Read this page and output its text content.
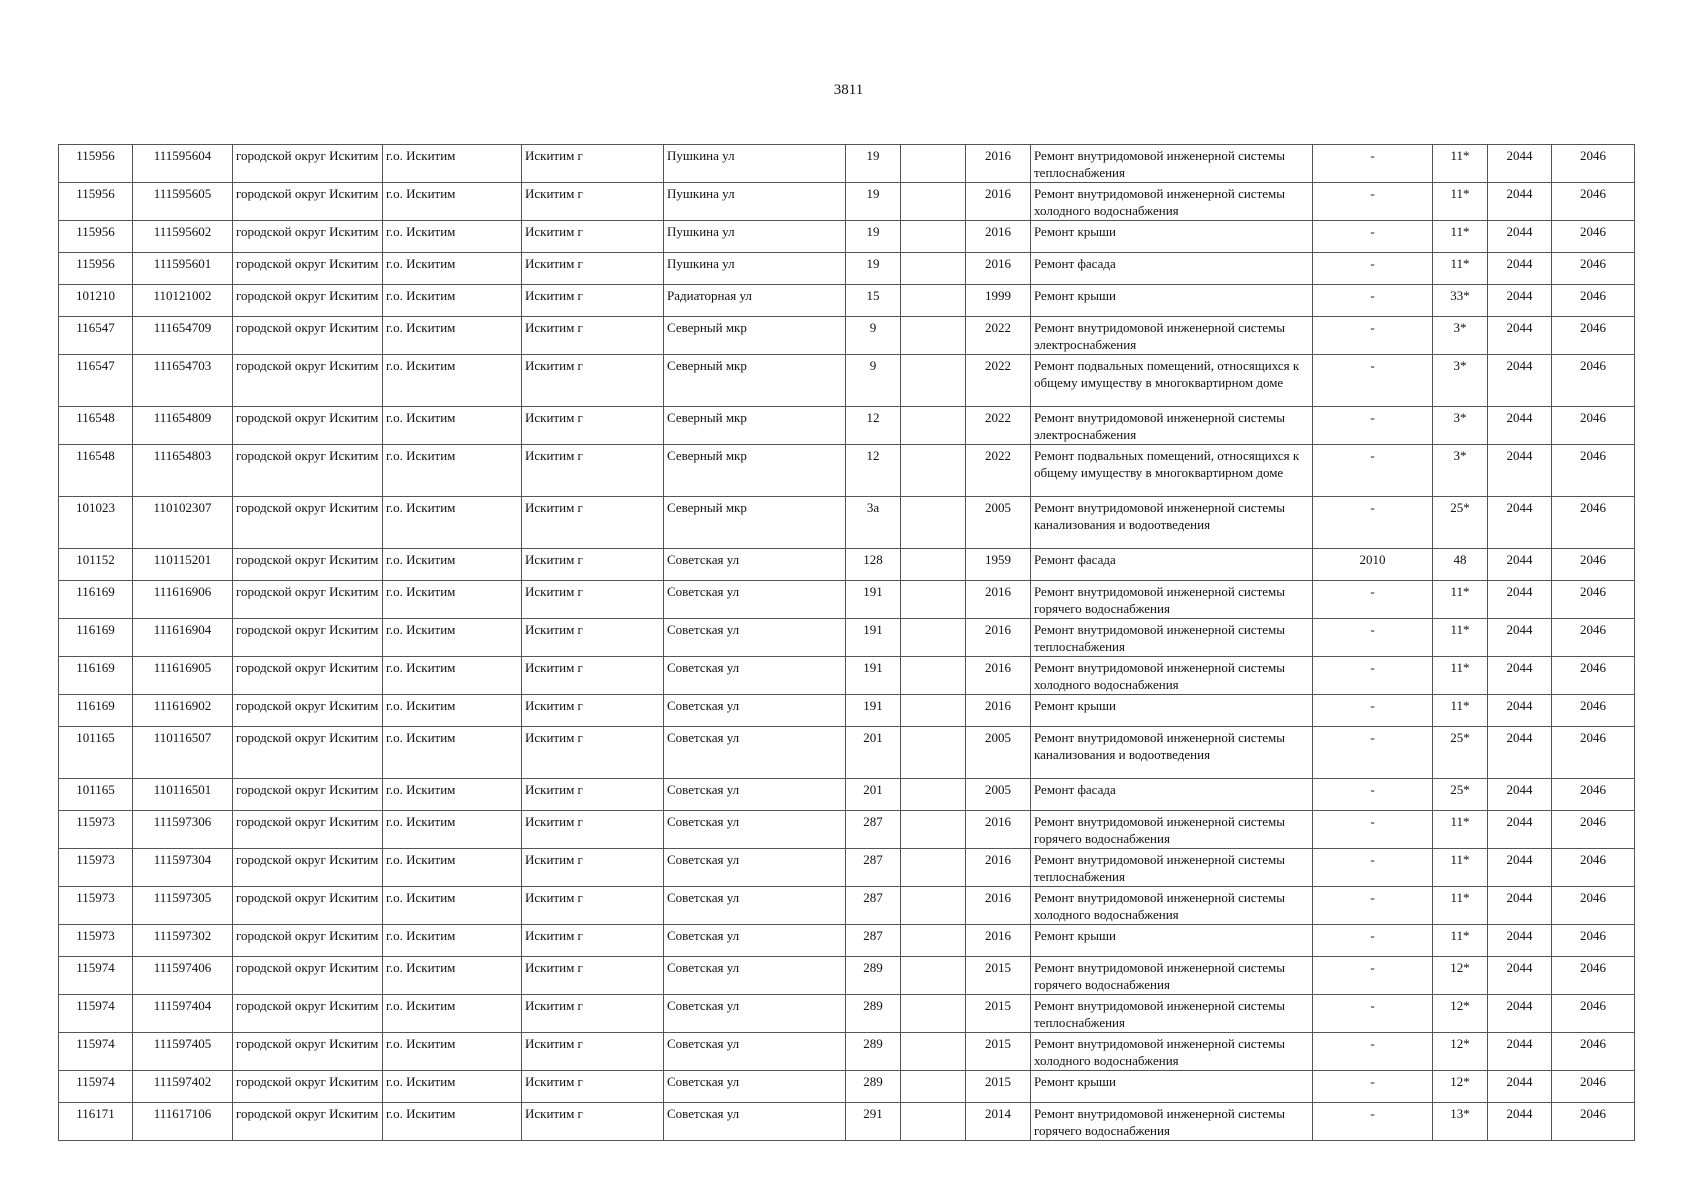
3811
115956	111595604	городской округ Искитим	г.о. Искитим	Искитим г	Пушкина ул	19		2016	Ремонт внутридомовой инженерной системы теплоснабжения	-	11*	2044	2046
115956	111595605	городской округ Искитим	г.о. Искитим	Искитим г	Пушкина ул	19		2016	Ремонт внутридомовой инженерной системы холодного водоснабжения	-	11*	2044	2046
115956	111595602	городской округ Искитим	г.о. Искитим	Искитим г	Пушкина ул	19		2016	Ремонт крыши	-	11*	2044	2046
115956	111595601	городской округ Искитим	г.о. Искитим	Искитим г	Пушкина ул	19		2016	Ремонт фасада	-	11*	2044	2046
101210	110121002	городской округ Искитим	г.о. Искитим	Искитим г	Радиаторная ул	15		1999	Ремонт крыши	-	33*	2044	2046
116547	111654709	городской округ Искитим	г.о. Искитим	Искитим г	Северный мкр	9		2022	Ремонт внутридомовой инженерной системы электроснабжения	-	3*	2044	2046
116547	111654703	городской округ Искитим	г.о. Искитим	Искитим г	Северный мкр	9		2022	Ремонт подвальных помещений, относящихся к общему имуществу в многоквартирном доме	-	3*	2044	2046
116548	111654809	городской округ Искитим	г.о. Искитим	Искитим г	Северный мкр	12		2022	Ремонт внутридомовой инженерной системы электроснабжения	-	3*	2044	2046
116548	111654803	городской округ Искитим	г.о. Искитим	Искитим г	Северный мкр	12		2022	Ремонт подвальных помещений, относящихся к общему имуществу в многоквартирном доме	-	3*	2044	2046
101023	110102307	городской округ Искитим	г.о. Искитим	Искитим г	Северный мкр	3а		2005	Ремонт внутридомовой инженерной системы канализования и водоотведения	-	25*	2044	2046
101152	110115201	городской округ Искитим	г.о. Искитим	Искитим г	Советская ул	128		1959	Ремонт фасада	2010	48	2044	2046
116169	111616906	городской округ Искитим	г.о. Искитим	Искитим г	Советская ул	191		2016	Ремонт внутридомовой инженерной системы горячего водоснабжения	-	11*	2044	2046
116169	111616904	городской округ Искитим	г.о. Искитим	Искитим г	Советская ул	191		2016	Ремонт внутридомовой инженерной системы теплоснабжения	-	11*	2044	2046
116169	111616905	городской округ Искитим	г.о. Искитим	Искитим г	Советская ул	191		2016	Ремонт внутридомовой инженерной системы холодного водоснабжения	-	11*	2044	2046
116169	111616902	городской округ Искитим	г.о. Искитим	Искитим г	Советская ул	191		2016	Ремонт крыши	-	11*	2044	2046
101165	110116507	городской округ Искитим	г.о. Искитим	Искитим г	Советская ул	201		2005	Ремонт внутридомовой инженерной системы канализования и водоотведения	-	25*	2044	2046
101165	110116501	городской округ Искитим	г.о. Искитим	Искитим г	Советская ул	201		2005	Ремонт фасада	-	25*	2044	2046
115973	111597306	городской округ Искитим	г.о. Искитим	Искитим г	Советская ул	287		2016	Ремонт внутридомовой инженерной системы горячего водоснабжения	-	11*	2044	2046
115973	111597304	городской округ Искитим	г.о. Искитим	Искитим г	Советская ул	287		2016	Ремонт внутридомовой инженерной системы теплоснабжения	-	11*	2044	2046
115973	111597305	городской округ Искитим	г.о. Искитим	Искитим г	Советская ул	287		2016	Ремонт внутридомовой инженерной системы холодного водоснабжения	-	11*	2044	2046
115973	111597302	городской округ Искитим	г.о. Искитим	Искитим г	Советская ул	287		2016	Ремонт крыши	-	11*	2044	2046
115974	111597406	городской округ Искитим	г.о. Искитим	Искитим г	Советская ул	289		2015	Ремонт внутридомовой инженерной системы горячего водоснабжения	-	12*	2044	2046
115974	111597404	городской округ Искитим	г.о. Искитим	Искитим г	Советская ул	289		2015	Ремонт внутридомовой инженерной системы теплоснабжения	-	12*	2044	2046
115974	111597405	городской округ Искитим	г.о. Искитим	Искитим г	Советская ул	289		2015	Ремонт внутридомовой инженерной системы холодного водоснабжения	-	12*	2044	2046
115974	111597402	городской округ Искитим	г.о. Искитим	Искитим г	Советская ул	289		2015	Ремонт крыши	-	12*	2044	2046
116171	111617106	городской округ Искитим	г.о. Искитим	Искитим г	Советская ул	291		2014	Ремонт внутридомовой инженерной системы горячего водоснабжения	-	13*	2044	2046
